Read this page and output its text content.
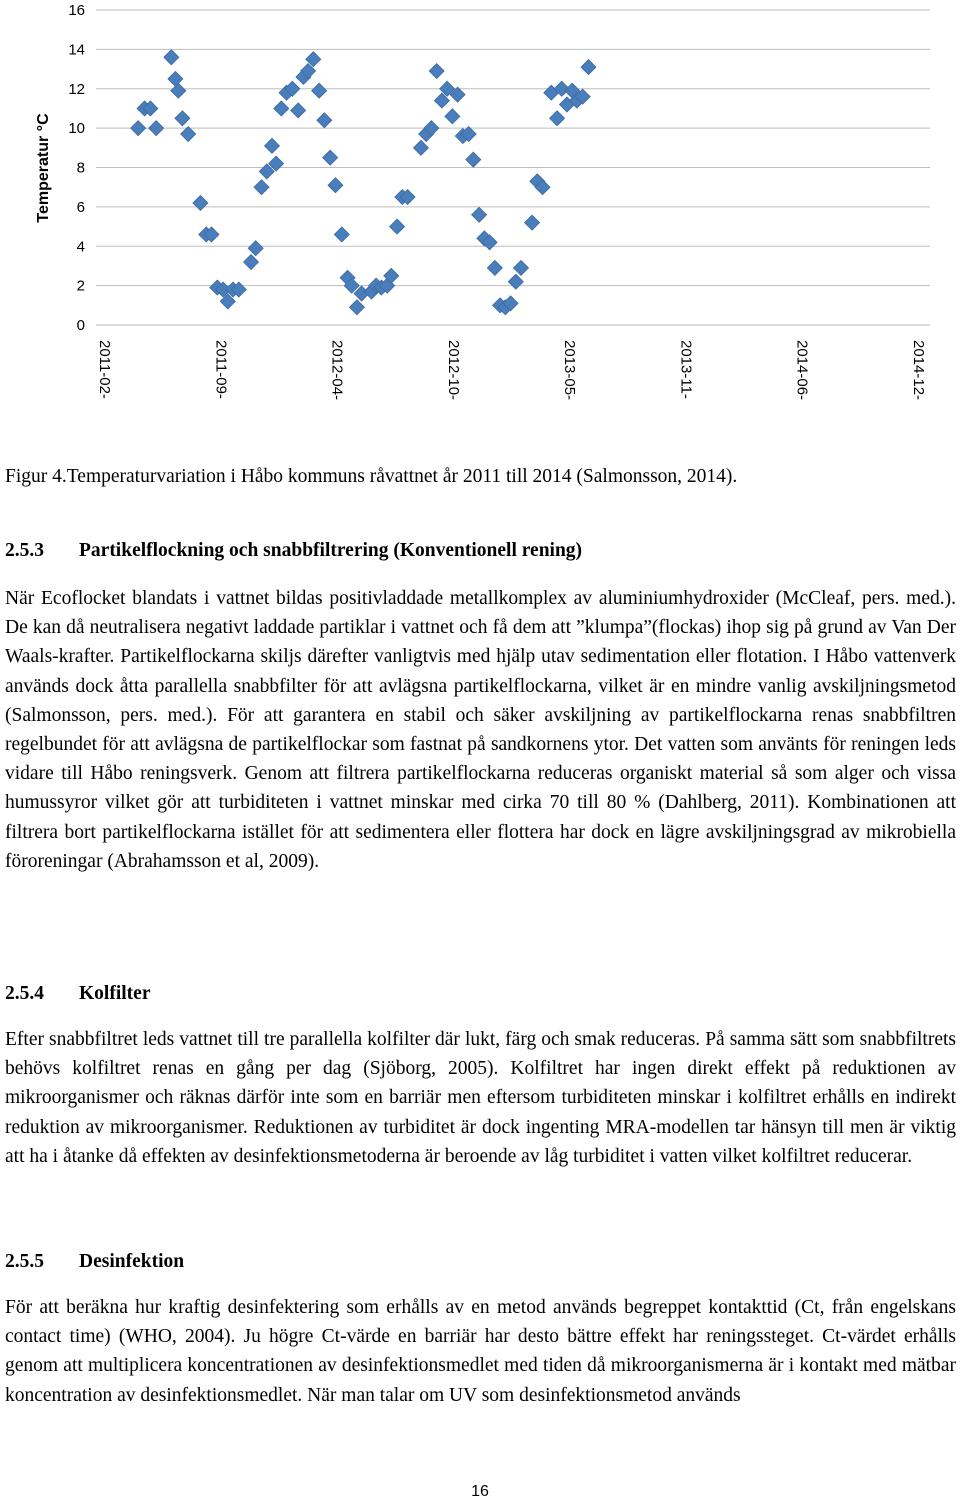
0
2
4
6
8
10
12
14
16
2011-02-	2011-09-	2012-04-	2012-10-	2013-05-	2013-11-	2014-06-	2014-12-
Temperatur °C

Figur 4.Temperaturvariation i Håbo kommuns råvattnet år 2011 till 2014 (Salmonsson, 2014).

2.5.3 Partikelflockning och snabbfiltrering (Konventionell rening)

När Ecoflocket blandats i vattnet bildas positivladdade metallkomplex av aluminiumhydroxider (McCleaf, pers. med.). De kan då neutralisera negativt laddade partiklar i vattnet och få dem att ”klumpa”(flockas) ihop sig på grund av Van Der Waals-krafter. Partikelflockarna skiljs därefter vanligtvis med hjälp utav sedimentation eller flotation. I Håbo vattenverk används dock åtta parallella snabbfilter för att avlägsna partikelflockarna, vilket är en mindre vanlig avskiljningsmetod (Salmonsson, pers. med.). För att garantera en stabil och säker avskiljning av partikelflockarna renas snabbfiltren regelbundet för att avlägsna de partikelflockar som fastnat på sandkornens ytor. Det vatten som använts för reningen leds vidare till Håbo reningsverk. Genom att filtrera partikelflockarna reduceras organiskt material så som alger och vissa humussyror vilket gör att turbiditeten i vattnet minskar med cirka 70 till 80 % (Dahlberg, 2011). Kombinationen att filtrera bort partikelflockarna istället för att sedimentera eller flottera har dock en lägre avskiljningsgrad av mikrobiella föroreningar (Abrahamsson et al, 2009).

2.5.4 Kolfilter

Efter snabbfiltret leds vattnet till tre parallella kolfilter där lukt, färg och smak reduceras. På samma sätt som snabbfiltrets behövs kolfiltret renas en gång per dag (Sjöborg, 2005). Kolfiltret har ingen direkt effekt på reduktionen av mikroorganismer och räknas därför inte som en barriär men eftersom turbiditeten minskar i kolfiltret erhålls en indirekt reduktion av mikroorganismer. Reduktionen av turbiditet är dock ingenting MRA-modellen tar hänsyn till men är viktig att ha i åtanke då effekten av desinfektionsmetoderna är beroende av låg turbiditet i vatten vilket kolfiltret reducerar.

2.5.5 Desinfektion

För att beräkna hur kraftig desinfektering som erhålls av en metod används begreppet kontakttid (Ct, från engelskans contact time) (WHO, 2004). Ju högre Ct-värde en barriär har desto bättre effekt har reningssteget. Ct-värdet erhålls genom att multiplicera koncentrationen av desinfektionsmedlet med tiden då mikroorganismerna är i kontakt med mätbar koncentration av desinfektionsmedlet. När man talar om UV som desinfektionsmetod används

16
